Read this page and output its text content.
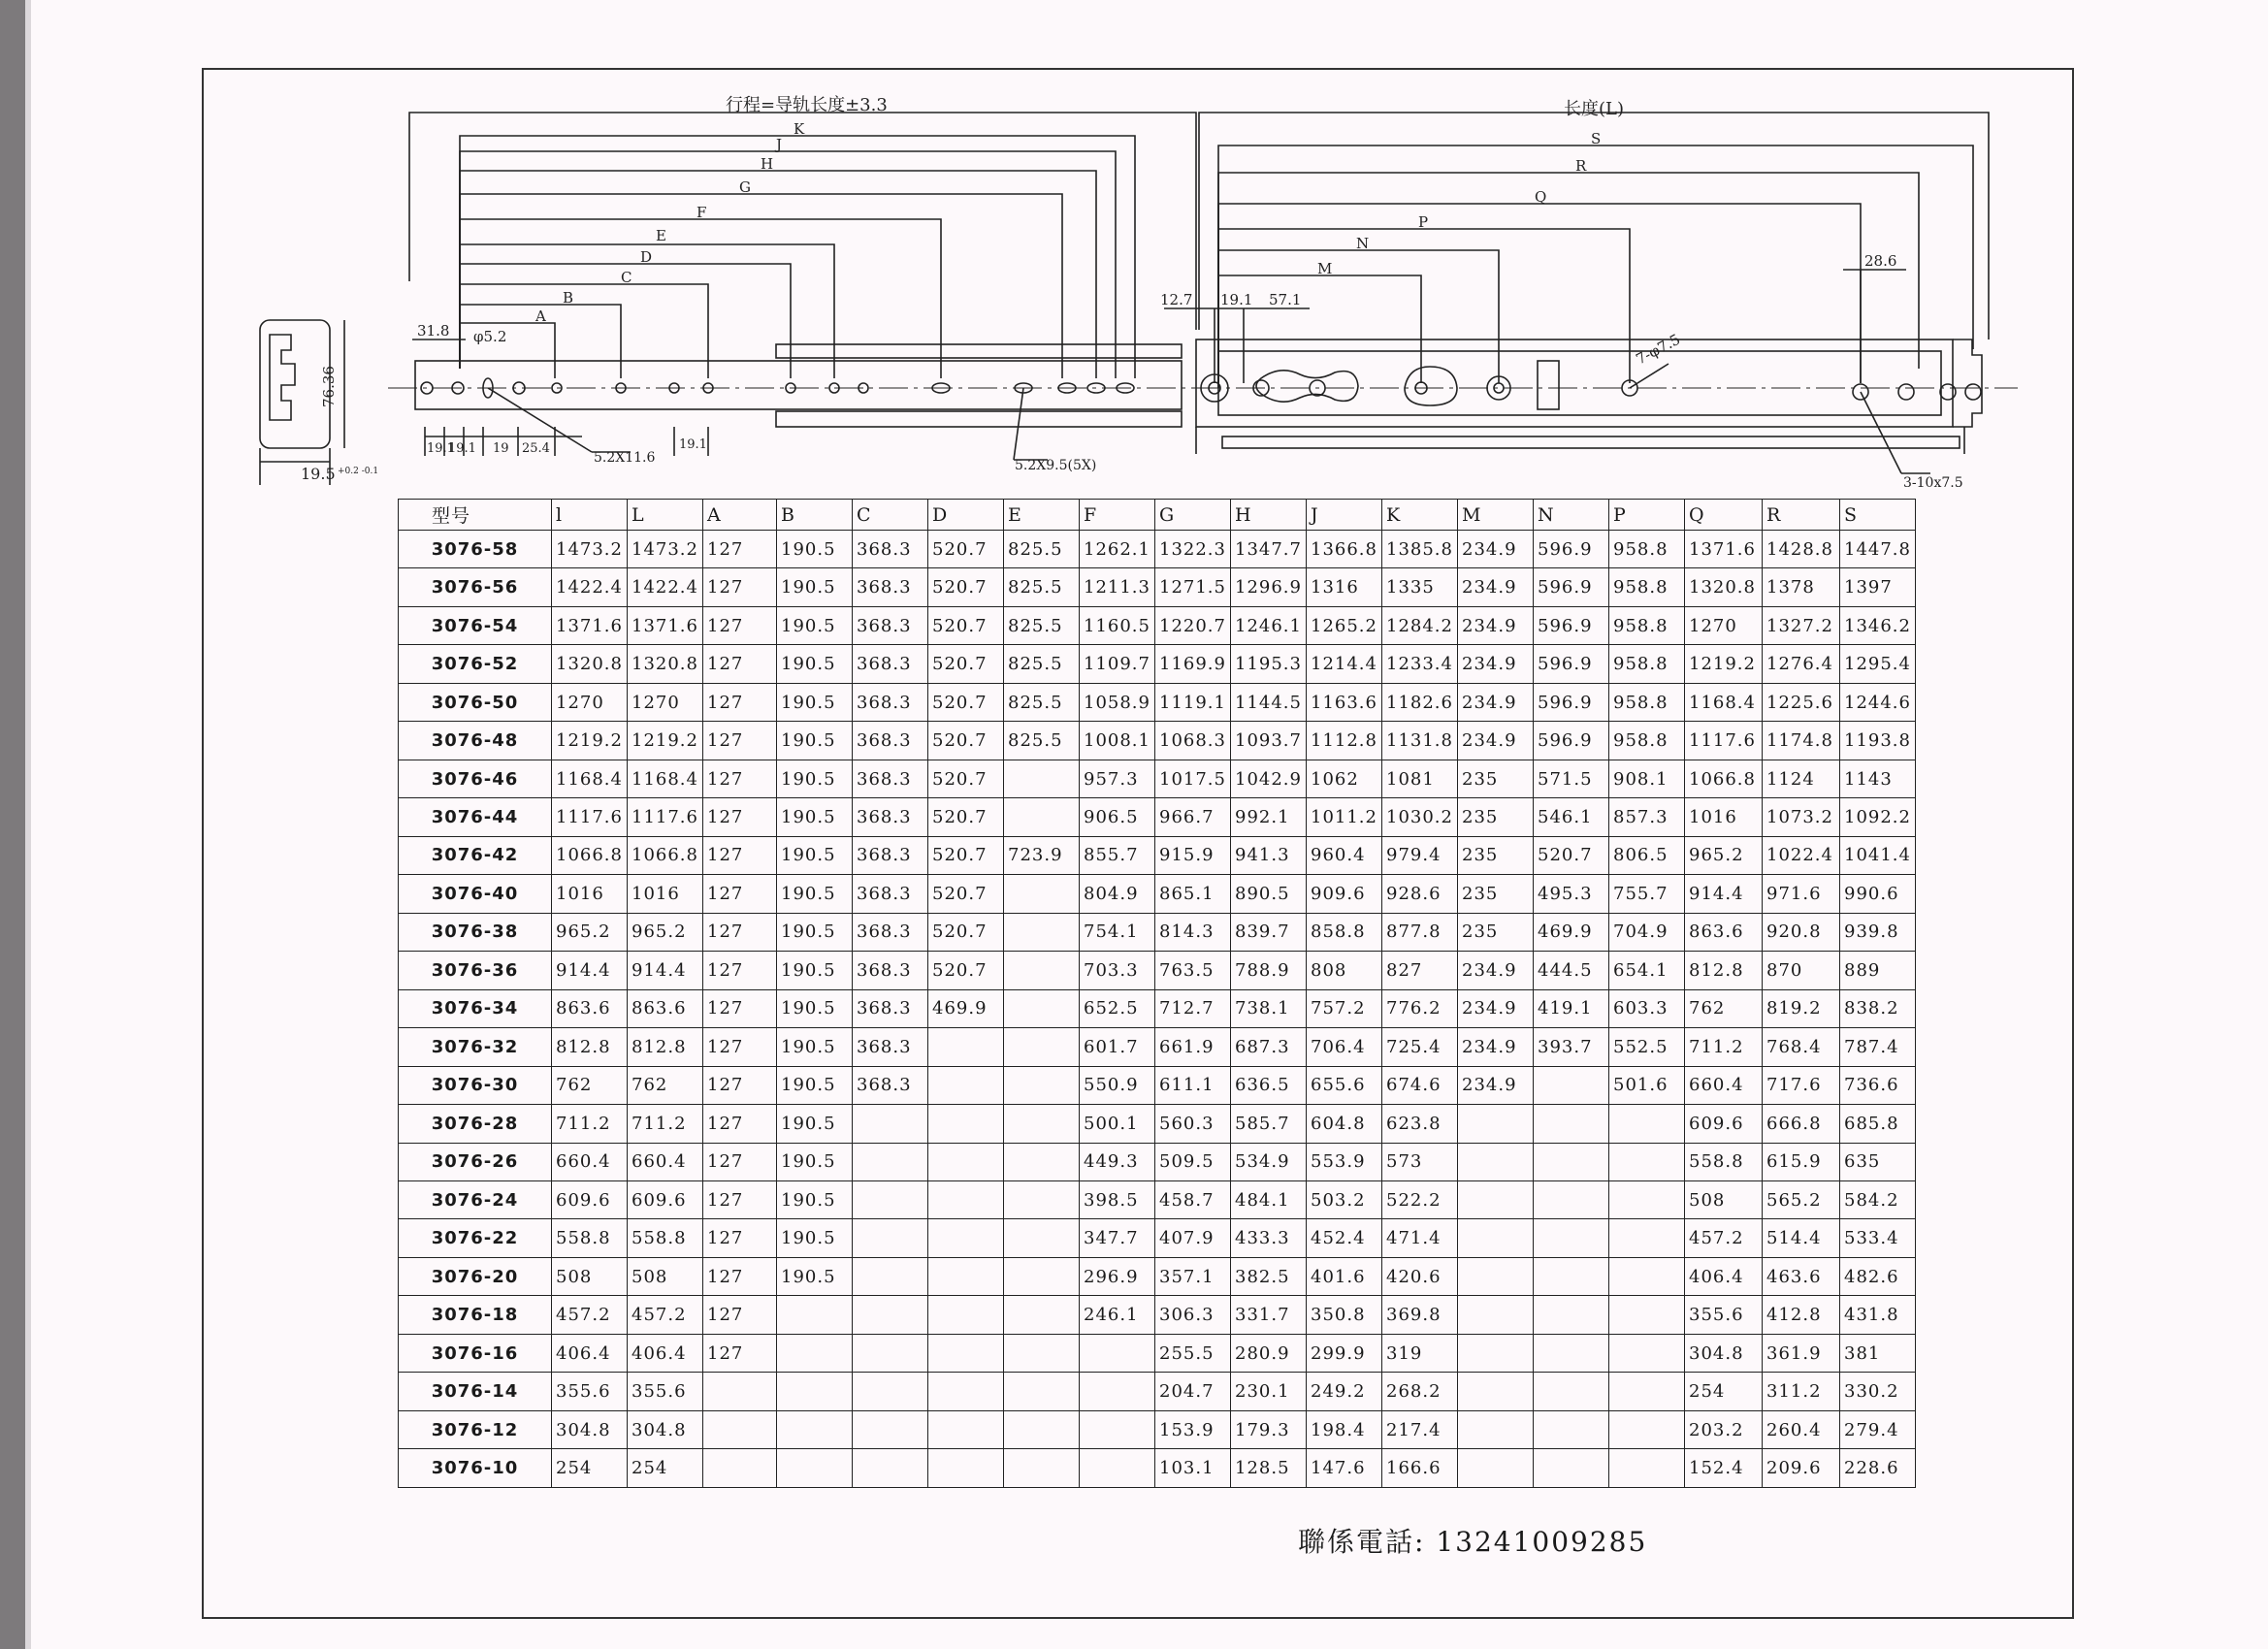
行程=导轨长度±3.3	长度(L)
K
J
H
G
F
E
D
C
B
A
S
R
Q
P
N
M
31.8 φ5.2
12.7 19.1 57.1
28.6
7-φ7.5
76.36
19.5 +0.2 -0.1
19.1
19.1 19 25.4
5.2X11.6
19.1
5.2X9.5(5X)
3-10x7.5
型号	l	L	A	B	C	D	E	F	G	H	J	K	M	N	P	Q	R	S
3076-58	1473.2	1473.2	127	190.5	368.3	520.7	825.5	1262.1	1322.3	1347.7	1366.8	1385.8	234.9	596.9	958.8	1371.6	1428.8	1447.8
3076-56	1422.4	1422.4	127	190.5	368.3	520.7	825.5	1211.3	1271.5	1296.9	1316	1335	234.9	596.9	958.8	1320.8	1378	1397
3076-54	1371.6	1371.6	127	190.5	368.3	520.7	825.5	1160.5	1220.7	1246.1	1265.2	1284.2	234.9	596.9	958.8	1270	1327.2	1346.2
3076-52	1320.8	1320.8	127	190.5	368.3	520.7	825.5	1109.7	1169.9	1195.3	1214.4	1233.4	234.9	596.9	958.8	1219.2	1276.4	1295.4
3076-50	1270	1270	127	190.5	368.3	520.7	825.5	1058.9	1119.1	1144.5	1163.6	1182.6	234.9	596.9	958.8	1168.4	1225.6	1244.6
3076-48	1219.2	1219.2	127	190.5	368.3	520.7	825.5	1008.1	1068.3	1093.7	1112.8	1131.8	234.9	596.9	958.8	1117.6	1174.8	1193.8
3076-46	1168.4	1168.4	127	190.5	368.3	520.7		957.3	1017.5	1042.9	1062	1081	235	571.5	908.1	1066.8	1124	1143
3076-44	1117.6	1117.6	127	190.5	368.3	520.7		906.5	966.7	992.1	1011.2	1030.2	235	546.1	857.3	1016	1073.2	1092.2
3076-42	1066.8	1066.8	127	190.5	368.3	520.7	723.9	855.7	915.9	941.3	960.4	979.4	235	520.7	806.5	965.2	1022.4	1041.4
3076-40	1016	1016	127	190.5	368.3	520.7		804.9	865.1	890.5	909.6	928.6	235	495.3	755.7	914.4	971.6	990.6
3076-38	965.2	965.2	127	190.5	368.3	520.7		754.1	814.3	839.7	858.8	877.8	235	469.9	704.9	863.6	920.8	939.8
3076-36	914.4	914.4	127	190.5	368.3	520.7		703.3	763.5	788.9	808	827	234.9	444.5	654.1	812.8	870	889
3076-34	863.6	863.6	127	190.5	368.3	469.9		652.5	712.7	738.1	757.2	776.2	234.9	419.1	603.3	762	819.2	838.2
3076-32	812.8	812.8	127	190.5	368.3			601.7	661.9	687.3	706.4	725.4	234.9	393.7	552.5	711.2	768.4	787.4
3076-30	762	762	127	190.5	368.3			550.9	611.1	636.5	655.6	674.6	234.9		501.6	660.4	717.6	736.6
3076-28	711.2	711.2	127	190.5				500.1	560.3	585.7	604.8	623.8				609.6	666.8	685.8
3076-26	660.4	660.4	127	190.5				449.3	509.5	534.9	553.9	573				558.8	615.9	635
3076-24	609.6	609.6	127	190.5				398.5	458.7	484.1	503.2	522.2				508	565.2	584.2
3076-22	558.8	558.8	127	190.5				347.7	407.9	433.3	452.4	471.4				457.2	514.4	533.4
3076-20	508	508	127	190.5				296.9	357.1	382.5	401.6	420.6				406.4	463.6	482.6
3076-18	457.2	457.2	127					246.1	306.3	331.7	350.8	369.8				355.6	412.8	431.8
3076-16	406.4	406.4	127						255.5	280.9	299.9	319				304.8	361.9	381
3076-14	355.6	355.6							204.7	230.1	249.2	268.2				254	311.2	330.2
3076-12	304.8	304.8							153.9	179.3	198.4	217.4				203.2	260.4	279.4
3076-10	254	254							103.1	128.5	147.6	166.6				152.4	209.6	228.6
聯係電話: 13241009285
